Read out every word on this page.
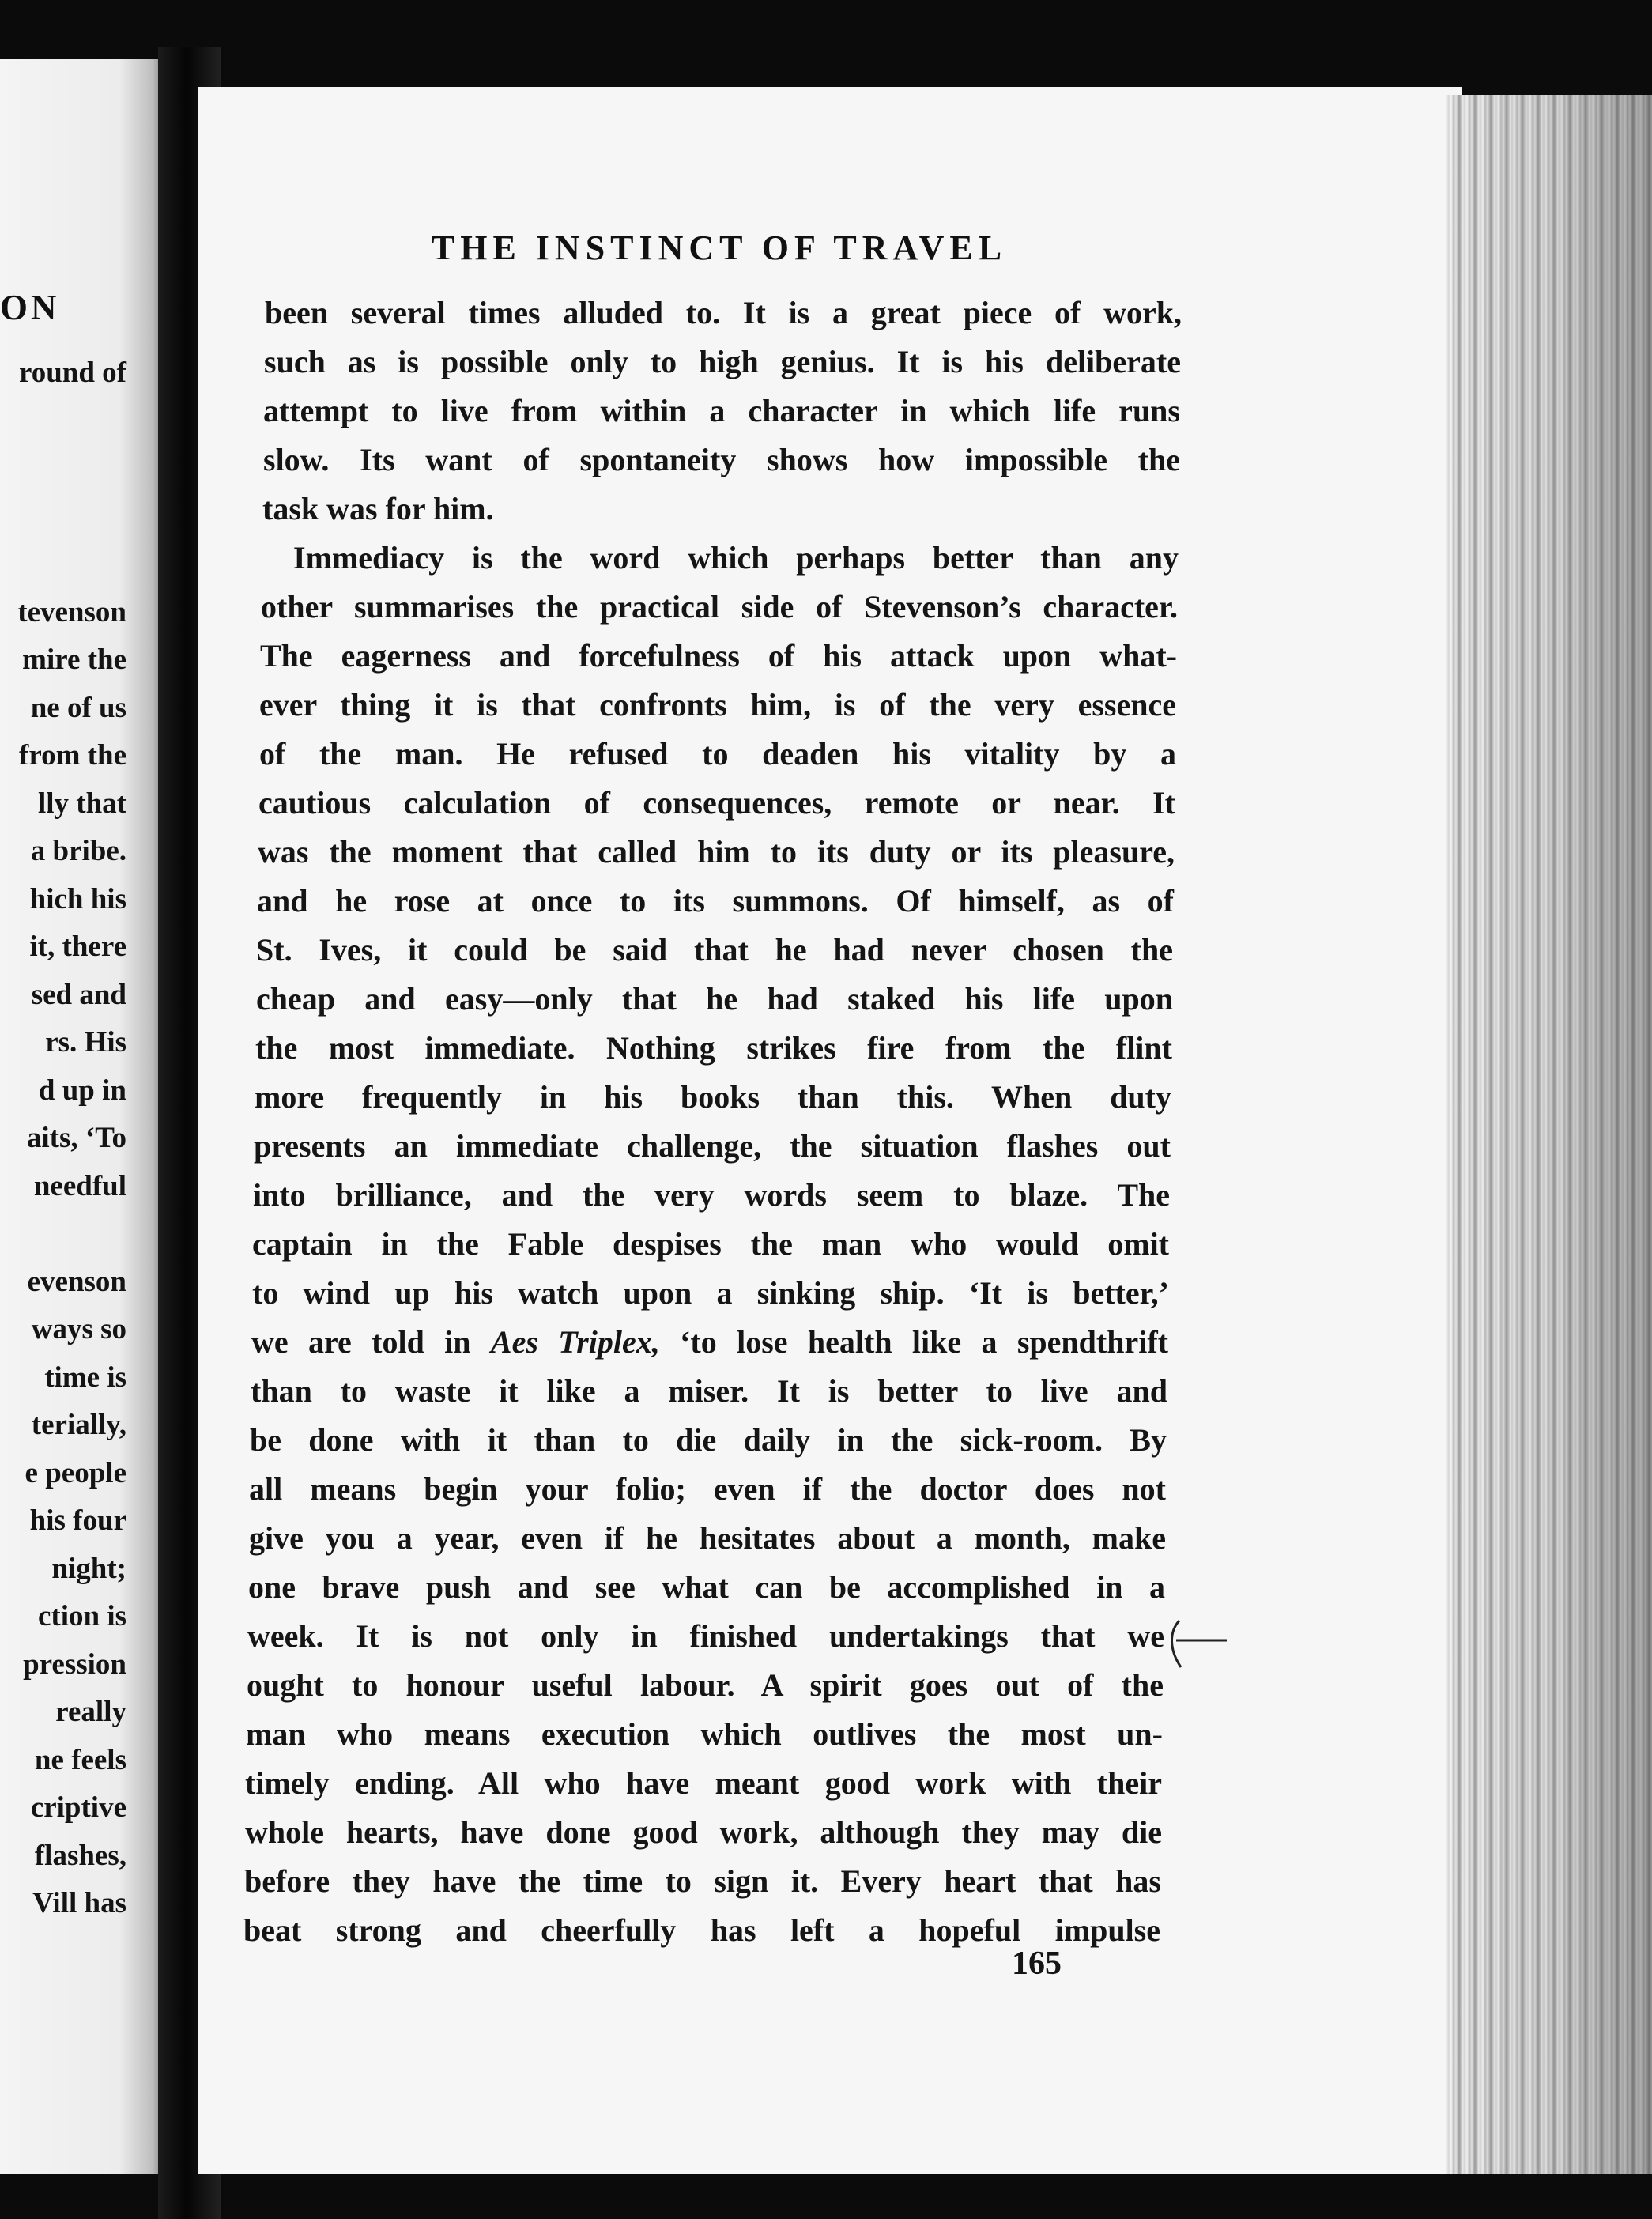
ON
round of
tevenson
mire the
ne of us
from the
lly that
a bribe.
hich his
it, there
sed and
rs. His
d up in
aits, ‘To
needful
evenson
ways so
time is
terially,
e people
his four
night;
ction is
pression
really
ne feels
criptive
flashes,
Vill has
THE INSTINCT OF TRAVEL
been several times alluded to. It is a great piece of work,
such as is possible only to high genius. It is his deliberate
attempt to live from within a character in which life runs
slow. Its want of spontaneity shows how impossible the
task was for him.
Immediacy is the word which perhaps better than any
other summarises the practical side of Stevenson’s character.
The eagerness and forcefulness of his attack upon what-
ever thing it is that confronts him, is of the very essence
of the man. He refused to deaden his vitality by a
cautious calculation of consequences, remote or near. It
was the moment that called him to its duty or its pleasure,
and he rose at once to its summons. Of himself, as of
St. Ives, it could be said that he had never chosen the
cheap and easy—only that he had staked his life upon
the most immediate. Nothing strikes fire from the flint
more frequently in his books than this. When duty
presents an immediate challenge, the situation flashes out
into brilliance, and the very words seem to blaze. The
captain in the Fable despises the man who would omit
to wind up his watch upon a sinking ship. ‘It is better,’
we are told in Aes Triplex, ‘to lose health like a spendthrift
than to waste it like a miser. It is better to live and
be done with it than to die daily in the sick-room. By
all means begin your folio; even if the doctor does not
give you a year, even if he hesitates about a month, make
one brave push and see what can be accomplished in a
week. It is not only in finished undertakings that we
ought to honour useful labour. A spirit goes out of the
man who means execution which outlives the most un-
timely ending. All who have meant good work with their
whole hearts, have done good work, although they may die
before they have the time to sign it. Every heart that has
beat strong and cheerfully has left a hopeful impulse
165
